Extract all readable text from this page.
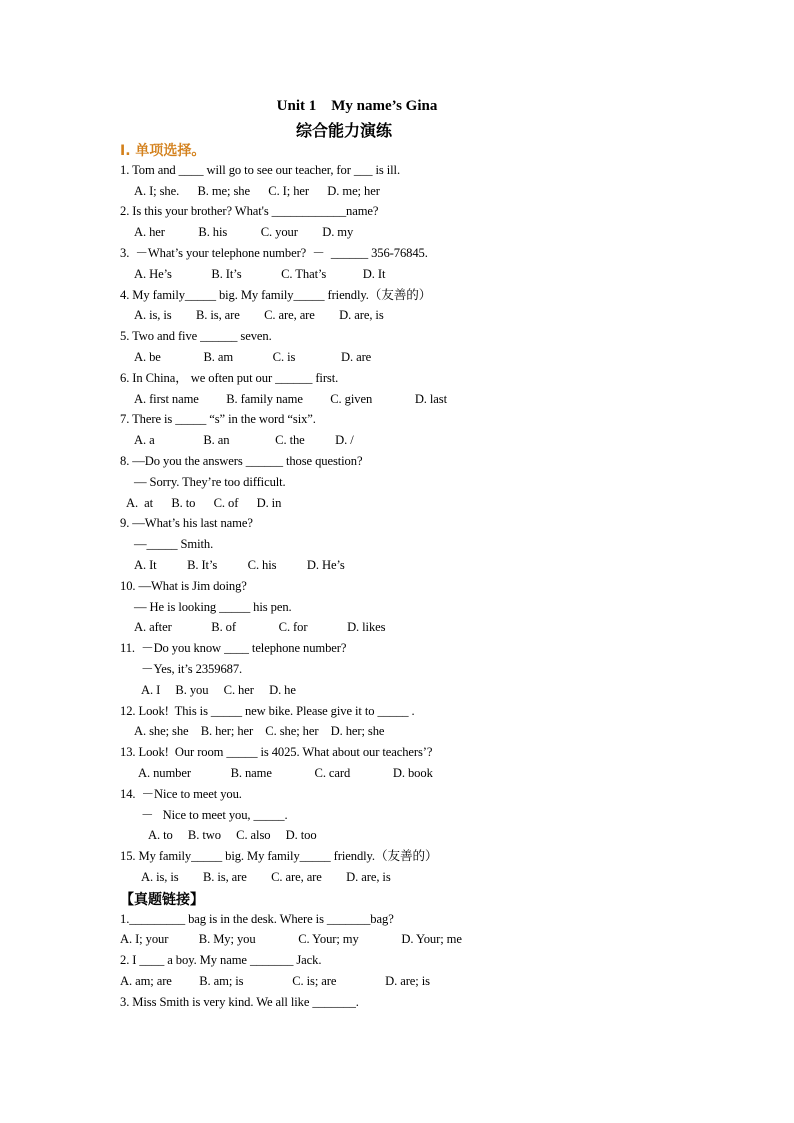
Unit 1    My name’s Gina
综合能力演练
I. 单项选择。
1. Tom and ____ will go to see our teacher, for ___ is ill.
A. I; she.      B. me; she      C. I; her      D. me; her
2. Is this your brother? What's ____________name?
A. her           B. his           C. your        D. my
3.  －What’s your telephone number?  －  ______ 356-76845.
A. He’s             B. It’s             C. That’s            D. It
4. My family_____ big. My family_____ friendly.（友善的）
A. is, is        B. is, are        C. are, are        D. are, is
5. Two and five ______ seven.
A. be              B. am             C. is               D. are
6. In China， we often put our ______ first.
A. first name         B. family name         C. given              D. last
7. There is _____ “s” in the word “six”.
A. a                B. an               C. the          D. /
8. —Do you the answers ______ those question?
— Sorry. They’re too difficult.
A.  at      B. to      C. of      D. in
9. —What’s his last name?
—_____ Smith.
A. It          B. It’s          C. his          D. He’s
10. —What is Jim doing?
— He is looking _____ his pen.
A. after             B. of              C. for             D. likes
11.  －Do you know ____ telephone number?
－Yes, it’s 2359687.
A. I     B. you     C. her     D. he
12. Look!  This is _____ new bike. Please give it to _____ .
A. she; she    B. her; her    C. she; her    D. her; she
13. Look!  Our room _____ is 4025. What about our teachers’?
A. number             B. name              C. card              D. book
14.  －Nice to meet you.
－   Nice to meet you, _____.
A. to     B. two     C. also     D. too
15. My family_____ big. My family_____ friendly.（友善的）
A. is, is        B. is, are        C. are, are        D. are, is
【真题链接】
1._________ bag is in the desk. Where is _______bag?
A. I; your          B. My; you              C. Your; my              D. Your; me
2. I ____ a boy. My name _______ Jack.
A. am; are         B. am; is                C. is; are                D. are; is
3. Miss Smith is very kind. We all like _______.
